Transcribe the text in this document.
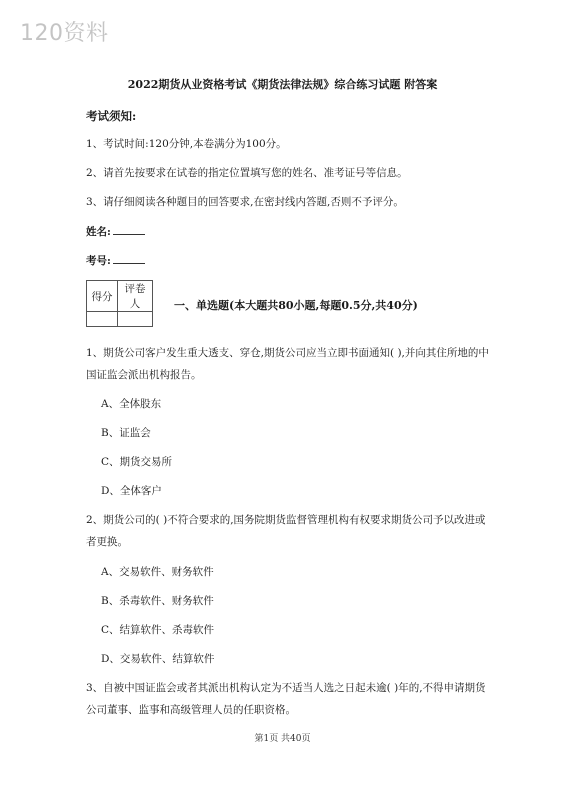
120资料
2022期货从业资格考试《期货法律法规》综合练习试题 附答案
考试须知:
1、考试时间:120分钟,本卷满分为100分。
2、请首先按要求在试卷的指定位置填写您的姓名、准考证号等信息。
3、请仔细阅读各种题目的回答要求,在密封线内答题,否则不予评分。
姓名:
考号:
得分	评卷人
		一、单选题(本大题共80小题,每题0.5分,共40分)
1、期货公司客户发生重大透支、穿仓,期货公司应当立即书面通知( ),并向其住所地的中国证监会派出机构报告。
A、全体股东
B、证监会
C、期货交易所
D、全体客户
2、期货公司的( )不符合要求的,国务院期货监督管理机构有权要求期货公司予以改进或者更换。
A、交易软件、财务软件
B、杀毒软件、财务软件
C、结算软件、杀毒软件
D、交易软件、结算软件
3、自被中国证监会或者其派出机构认定为不适当人选之日起未逾( )年的,不得申请期货公司董事、监事和高级管理人员的任职资格。
第1页 共40页
